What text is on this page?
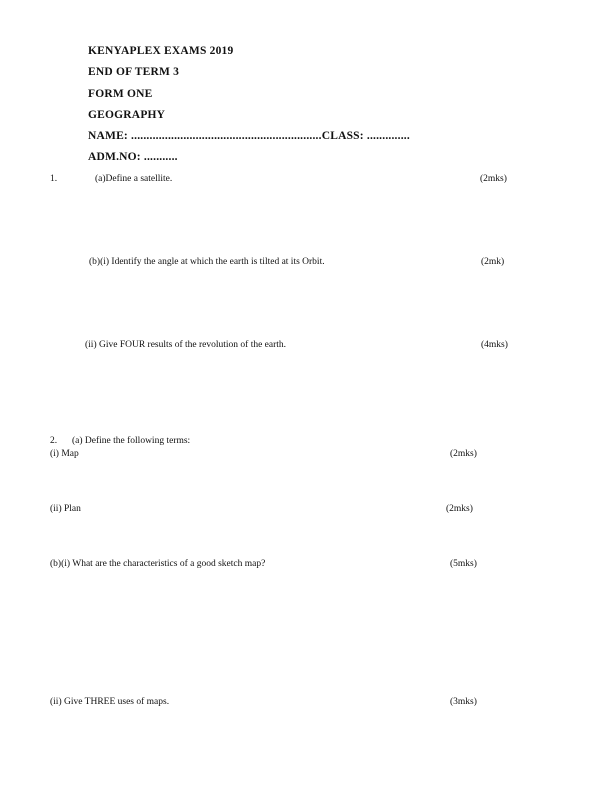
KENYAPLEX EXAMS 2019
END OF TERM 3
FORM ONE
GEOGRAPHY
NAME: ..............................................................CLASS: ..............
ADM.NO: ...........
1.	(a)Define a satellite.	(2mks)
(b)(i) Identify the angle at which the earth is tilted at its Orbit.	(2mk)
(ii) Give FOUR results of the revolution of the earth.	(4mks)
2. (a) Define the following terms:
(i) Map	(2mks)
(ii) Plan	(2mks)
(b)(i) What are the characteristics of a good sketch map?	(5mks)
(ii) Give THREE uses of maps.	(3mks)
